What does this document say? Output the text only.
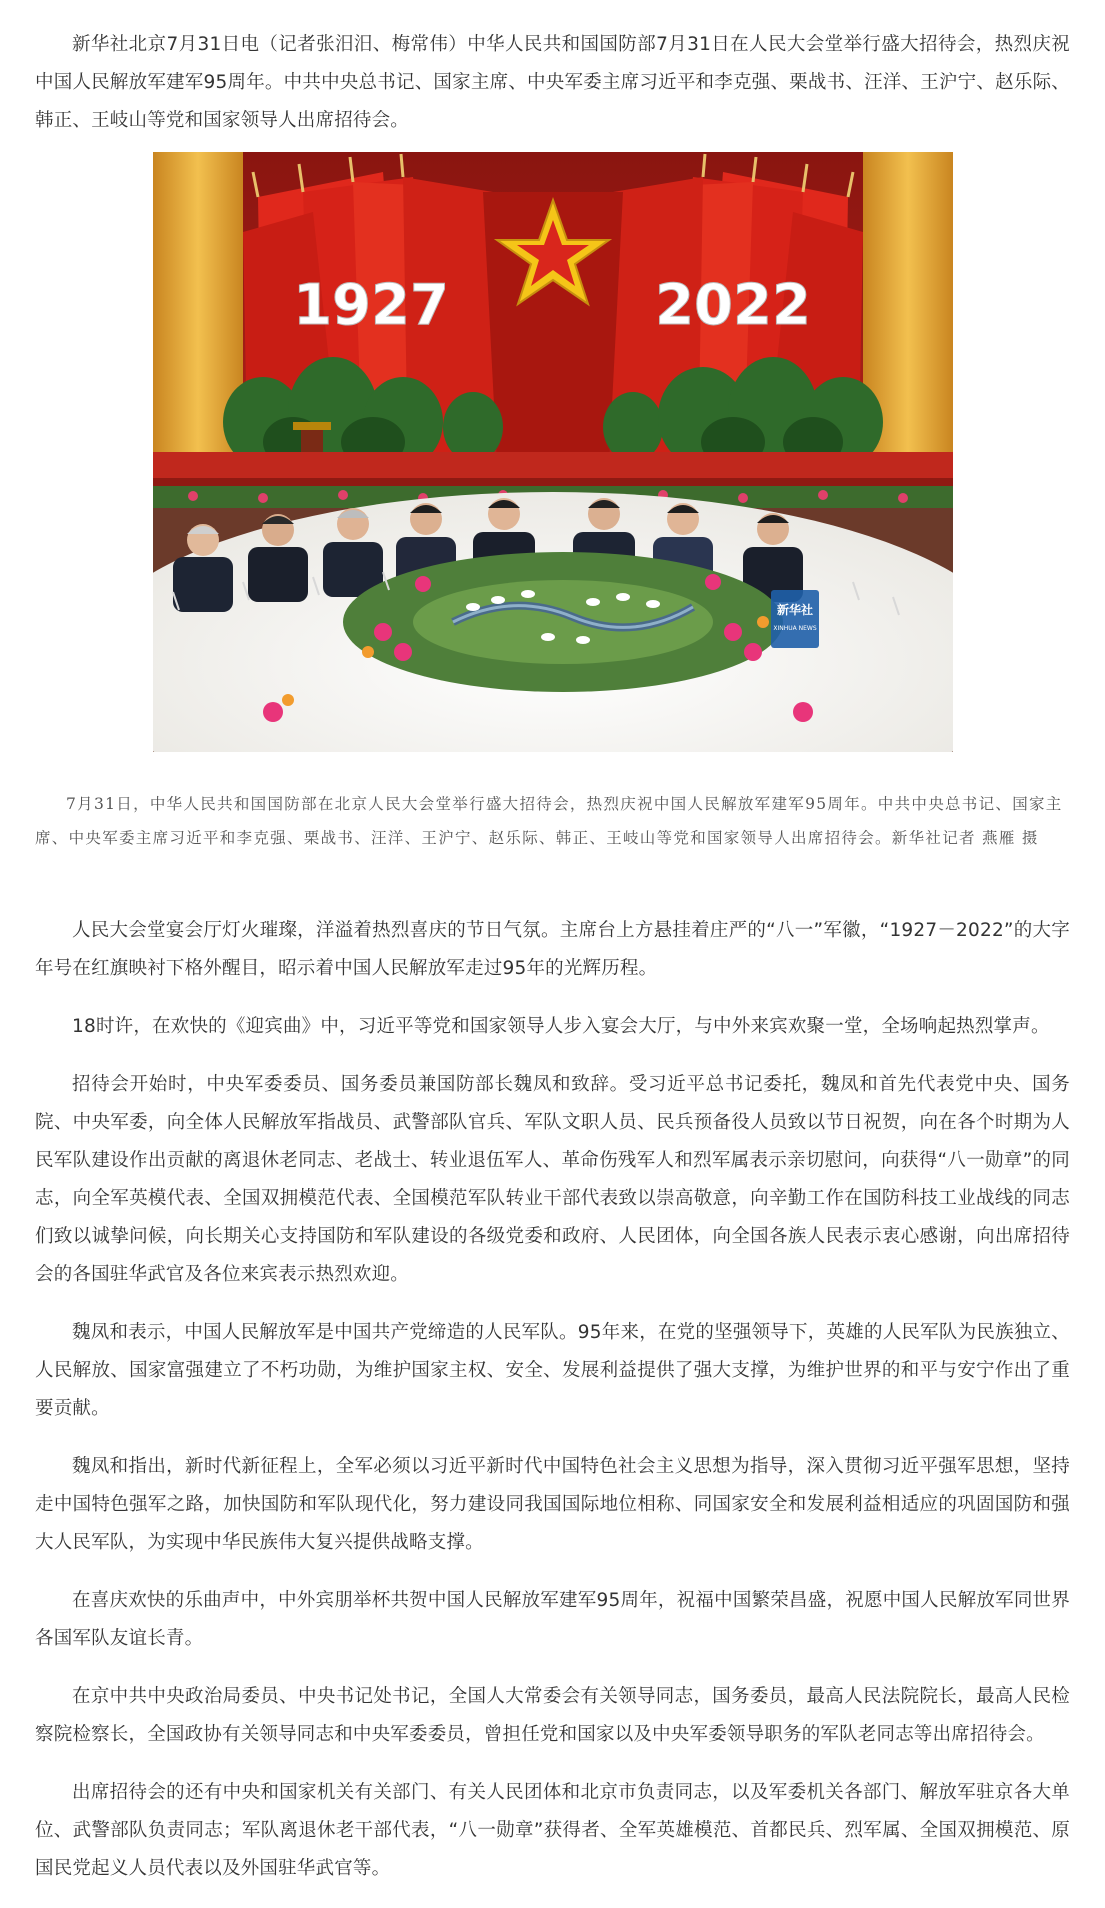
新华社北京7月31日电（记者张汨汨、梅常伟）中华人民共和国国防部7月31日在人民大会堂举行盛大招待会，热烈庆祝中国人民解放军建军95周年。中共中央总书记、国家主席、中央军委主席习近平和李克强、栗战书、汪洋、王沪宁、赵乐际、韩正、王岐山等党和国家领导人出席招待会。

1927	2022
新华社
XINHUA NEWS

7月31日，中华人民共和国国防部在北京人民大会堂举行盛大招待会，热烈庆祝中国人民解放军建军95周年。中共中央总书记、国家主席、中央军委主席习近平和李克强、栗战书、汪洋、王沪宁、赵乐际、韩正、王岐山等党和国家领导人出席招待会。新华社记者 燕雁 摄

人民大会堂宴会厅灯火璀璨，洋溢着热烈喜庆的节日气氛。主席台上方悬挂着庄严的“八一”军徽，“1927－2022”的大字年号在红旗映衬下格外醒目，昭示着中国人民解放军走过95年的光辉历程。

18时许，在欢快的《迎宾曲》中，习近平等党和国家领导人步入宴会大厅，与中外来宾欢聚一堂，全场响起热烈掌声。

招待会开始时，中央军委委员、国务委员兼国防部长魏凤和致辞。受习近平总书记委托，魏凤和首先代表党中央、国务院、中央军委，向全体人民解放军指战员、武警部队官兵、军队文职人员、民兵预备役人员致以节日祝贺，向在各个时期为人民军队建设作出贡献的离退休老同志、老战士、转业退伍军人、革命伤残军人和烈军属表示亲切慰问，向获得“八一勋章”的同志，向全军英模代表、全国双拥模范代表、全国模范军队转业干部代表致以崇高敬意，向辛勤工作在国防科技工业战线的同志们致以诚挚问候，向长期关心支持国防和军队建设的各级党委和政府、人民团体，向全国各族人民表示衷心感谢，向出席招待会的各国驻华武官及各位来宾表示热烈欢迎。

魏凤和表示，中国人民解放军是中国共产党缔造的人民军队。95年来，在党的坚强领导下，英雄的人民军队为民族独立、人民解放、国家富强建立了不朽功勋，为维护国家主权、安全、发展利益提供了强大支撑，为维护世界的和平与安宁作出了重要贡献。

魏凤和指出，新时代新征程上，全军必须以习近平新时代中国特色社会主义思想为指导，深入贯彻习近平强军思想，坚持走中国特色强军之路，加快国防和军队现代化，努力建设同我国国际地位相称、同国家安全和发展利益相适应的巩固国防和强大人民军队，为实现中华民族伟大复兴提供战略支撑。

在喜庆欢快的乐曲声中，中外宾朋举杯共贺中国人民解放军建军95周年，祝福中国繁荣昌盛，祝愿中国人民解放军同世界各国军队友谊长青。

在京中共中央政治局委员、中央书记处书记，全国人大常委会有关领导同志，国务委员，最高人民法院院长，最高人民检察院检察长，全国政协有关领导同志和中央军委委员，曾担任党和国家以及中央军委领导职务的军队老同志等出席招待会。

出席招待会的还有中央和国家机关有关部门、有关人民团体和北京市负责同志，以及军委机关各部门、解放军驻京各大单位、武警部队负责同志；军队离退休老干部代表，“八一勋章”获得者、全军英雄模范、首都民兵、烈军属、全国双拥模范、原国民党起义人员代表以及外国驻华武官等。
